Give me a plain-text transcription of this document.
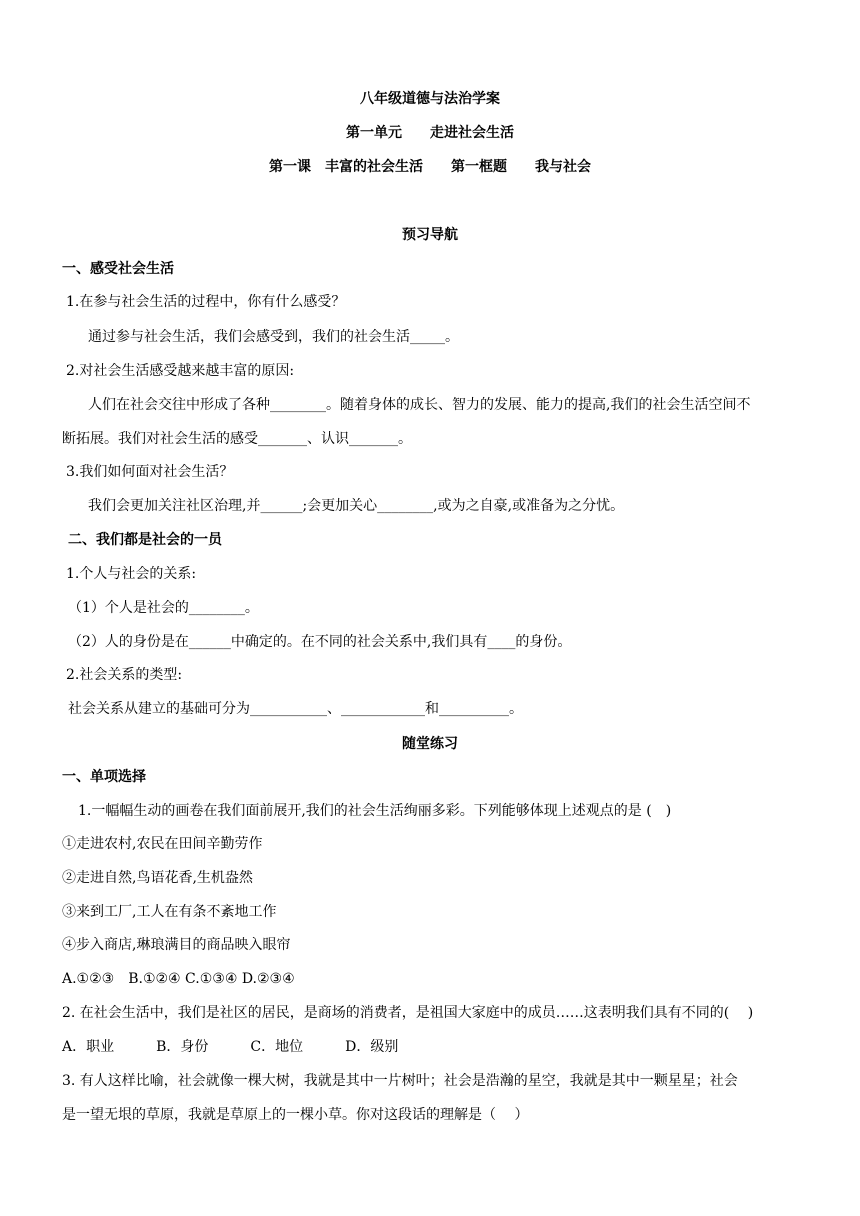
八年级道德与法治学案
第一单元　　走进社会生活
第一课　丰富的社会生活　　第一框题　　我与社会
预习导航
一、感受社会生活
1.在参与社会生活的过程中，你有什么感受？
通过参与社会生活，我们会感受到，我们的社会生活_____。
2.对社会生活感受越来越丰富的原因:
人们在社会交往中形成了各种________。随着身体的成长、智力的发展、能力的提高,我们的社会生活空间不
断拓展。我们对社会生活的感受_______、认识_______。
3.我们如何面对社会生活？
我们会更加关注社区治理,并______;会更加关心________,或为之自豪,或准备为之分忧。
二、我们都是社会的一员
1.个人与社会的关系:
（1）个人是社会的________。
（2）人的身份是在______中确定的。在不同的社会关系中,我们具有____的身份。
2.社会关系的类型:
社会关系从建立的基础可分为___________、____________和__________。
随堂练习
一、单项选择
1.一幅幅生动的画卷在我们面前展开,我们的社会生活绚丽多彩。下列能够体现上述观点的是 (　)
①走进农村,农民在田间辛勤劳作
②走进自然,鸟语花香,生机盎然
③来到工厂,工人在有条不紊地工作
④步入商店,琳琅满目的商品映入眼帘
A.①②③　B.①②④ C.①③④ D.②③④
2. 在社会生活中，我们是社区的居民，是商场的消费者，是祖国大家庭中的成员……这表明我们具有不同的(　 )
A．职业　　　B．身份　　　C．地位　　　D．级别
3. 有人这样比喻，社会就像一棵大树，我就是其中一片树叶；社会是浩瀚的星空，我就是其中一颗星星；社会
是一望无垠的草原，我就是草原上的一棵小草。你对这段话的理解是（　 ）
